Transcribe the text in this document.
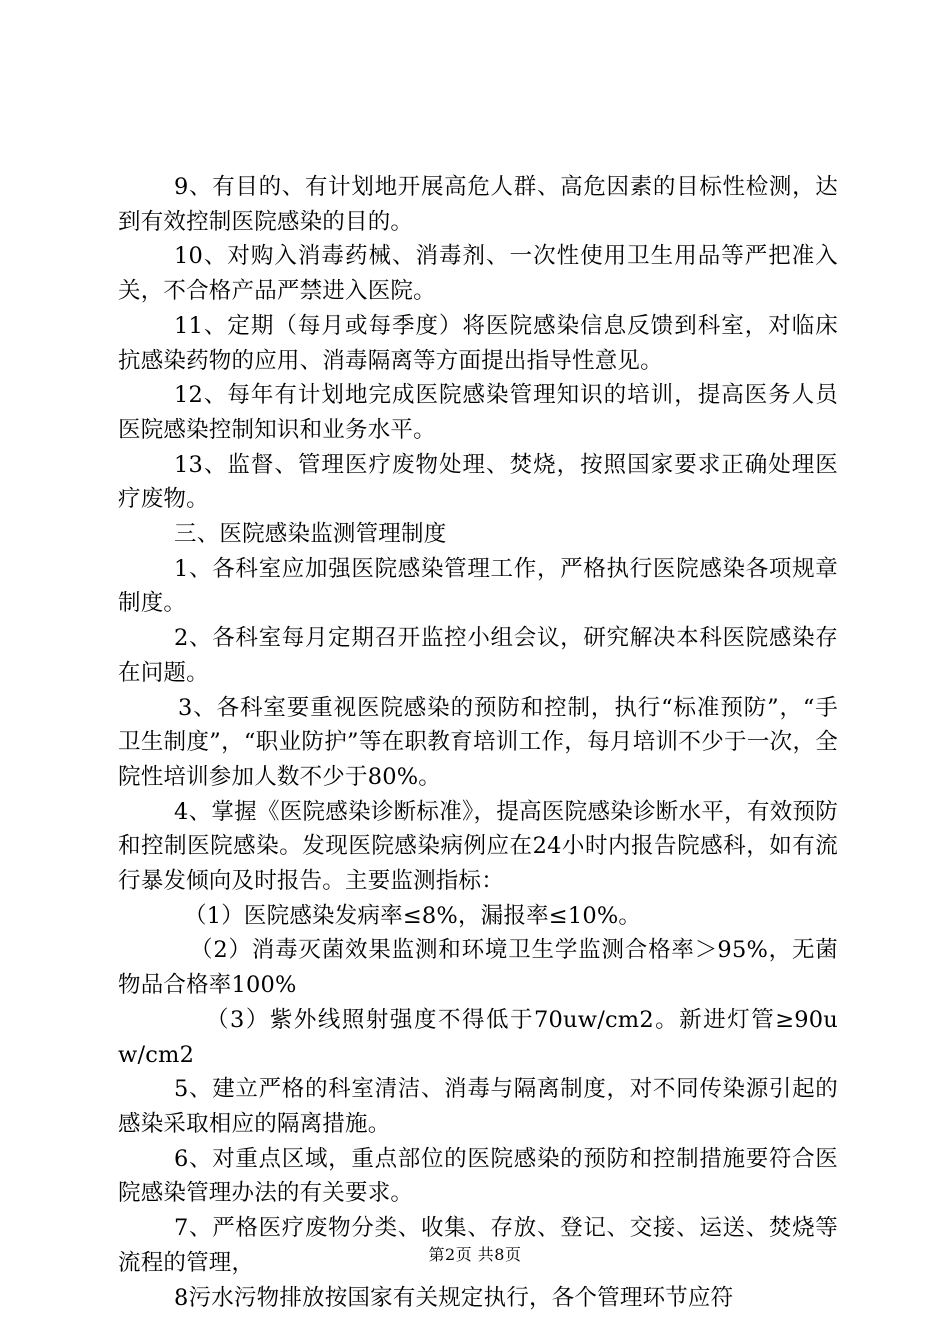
9、有目的、有计划地开展高危人群、高危因素的目标性检测，达到有效控制医院感染的目的。

10、对购入消毒药械、消毒剂、一次性使用卫生用品等严把准入关，不合格产品严禁进入医院。

11、定期（每月或每季度）将医院感染信息反馈到科室，对临床抗感染药物的应用、消毒隔离等方面提出指导性意见。

12、每年有计划地完成医院感染管理知识的培训，提高医务人员医院感染控制知识和业务水平。

13、监督、管理医疗废物处理、焚烧，按照国家要求正确处理医疗废物。

三、医院感染监测管理制度

1、各科室应加强医院感染管理工作，严格执行医院感染各项规章制度。

2、各科室每月定期召开监控小组会议，研究解决本科医院感染存在问题。

3、各科室要重视医院感染的预防和控制，执行“标准预防”，“手卫生制度”，“职业防护”等在职教育培训工作，每月培训不少于一次，全院性培训参加人数不少于80%。

4、掌握《医院感染诊断标准》，提高医院感染诊断水平，有效预防和控制医院感染。发现医院感染病例应在24小时内报告院感科，如有流行暴发倾向及时报告。主要监测指标：

（1）医院感染发病率≤8%，漏报率≤10%。

（2）消毒灭菌效果监测和环境卫生学监测合格率＞95%，无菌物品合格率100%

（3）紫外线照射强度不得低于70uw/cm2。新进灯管≥90uw/cm2

5、建立严格的科室清洁、消毒与隔离制度，对不同传染源引起的感染采取相应的隔离措施。

6、对重点区域，重点部位的医院感染的预防和控制措施要符合医院感染管理办法的有关要求。

7、严格医疗废物分类、收集、存放、登记、交接、运送、焚烧等流程的管理，

8污水污物排放按国家有关规定执行，各个管理环节应符

第2页 共8页
